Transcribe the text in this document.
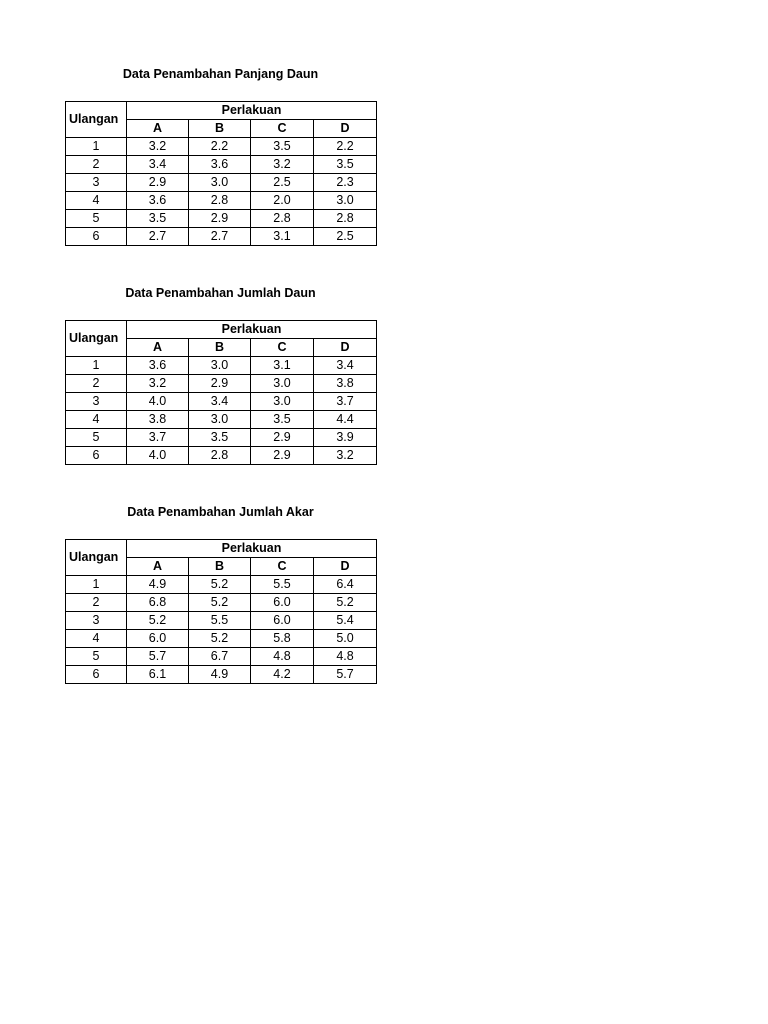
Data Penambahan Panjang Daun
Ulangan	Perlakuan			
	A	B	C	D
1	3.2	2.2	3.5	2.2
2	3.4	3.6	3.2	3.5
3	2.9	3.0	2.5	2.3
4	3.6	2.8	2.0	3.0
5	3.5	2.9	2.8	2.8
6	2.7	2.7	3.1	2.5
Data Penambahan Jumlah Daun
Ulangan	Perlakuan			
	A	B	C	D
1	3.6	3.0	3.1	3.4
2	3.2	2.9	3.0	3.8
3	4.0	3.4	3.0	3.7
4	3.8	3.0	3.5	4.4
5	3.7	3.5	2.9	3.9
6	4.0	2.8	2.9	3.2
Data Penambahan Jumlah Akar
Ulangan	Perlakuan			
	A	B	C	D
1	4.9	5.2	5.5	6.4
2	6.8	5.2	6.0	5.2
3	5.2	5.5	6.0	5.4
4	6.0	5.2	5.8	5.0
5	5.7	6.7	4.8	4.8
6	6.1	4.9	4.2	5.7
